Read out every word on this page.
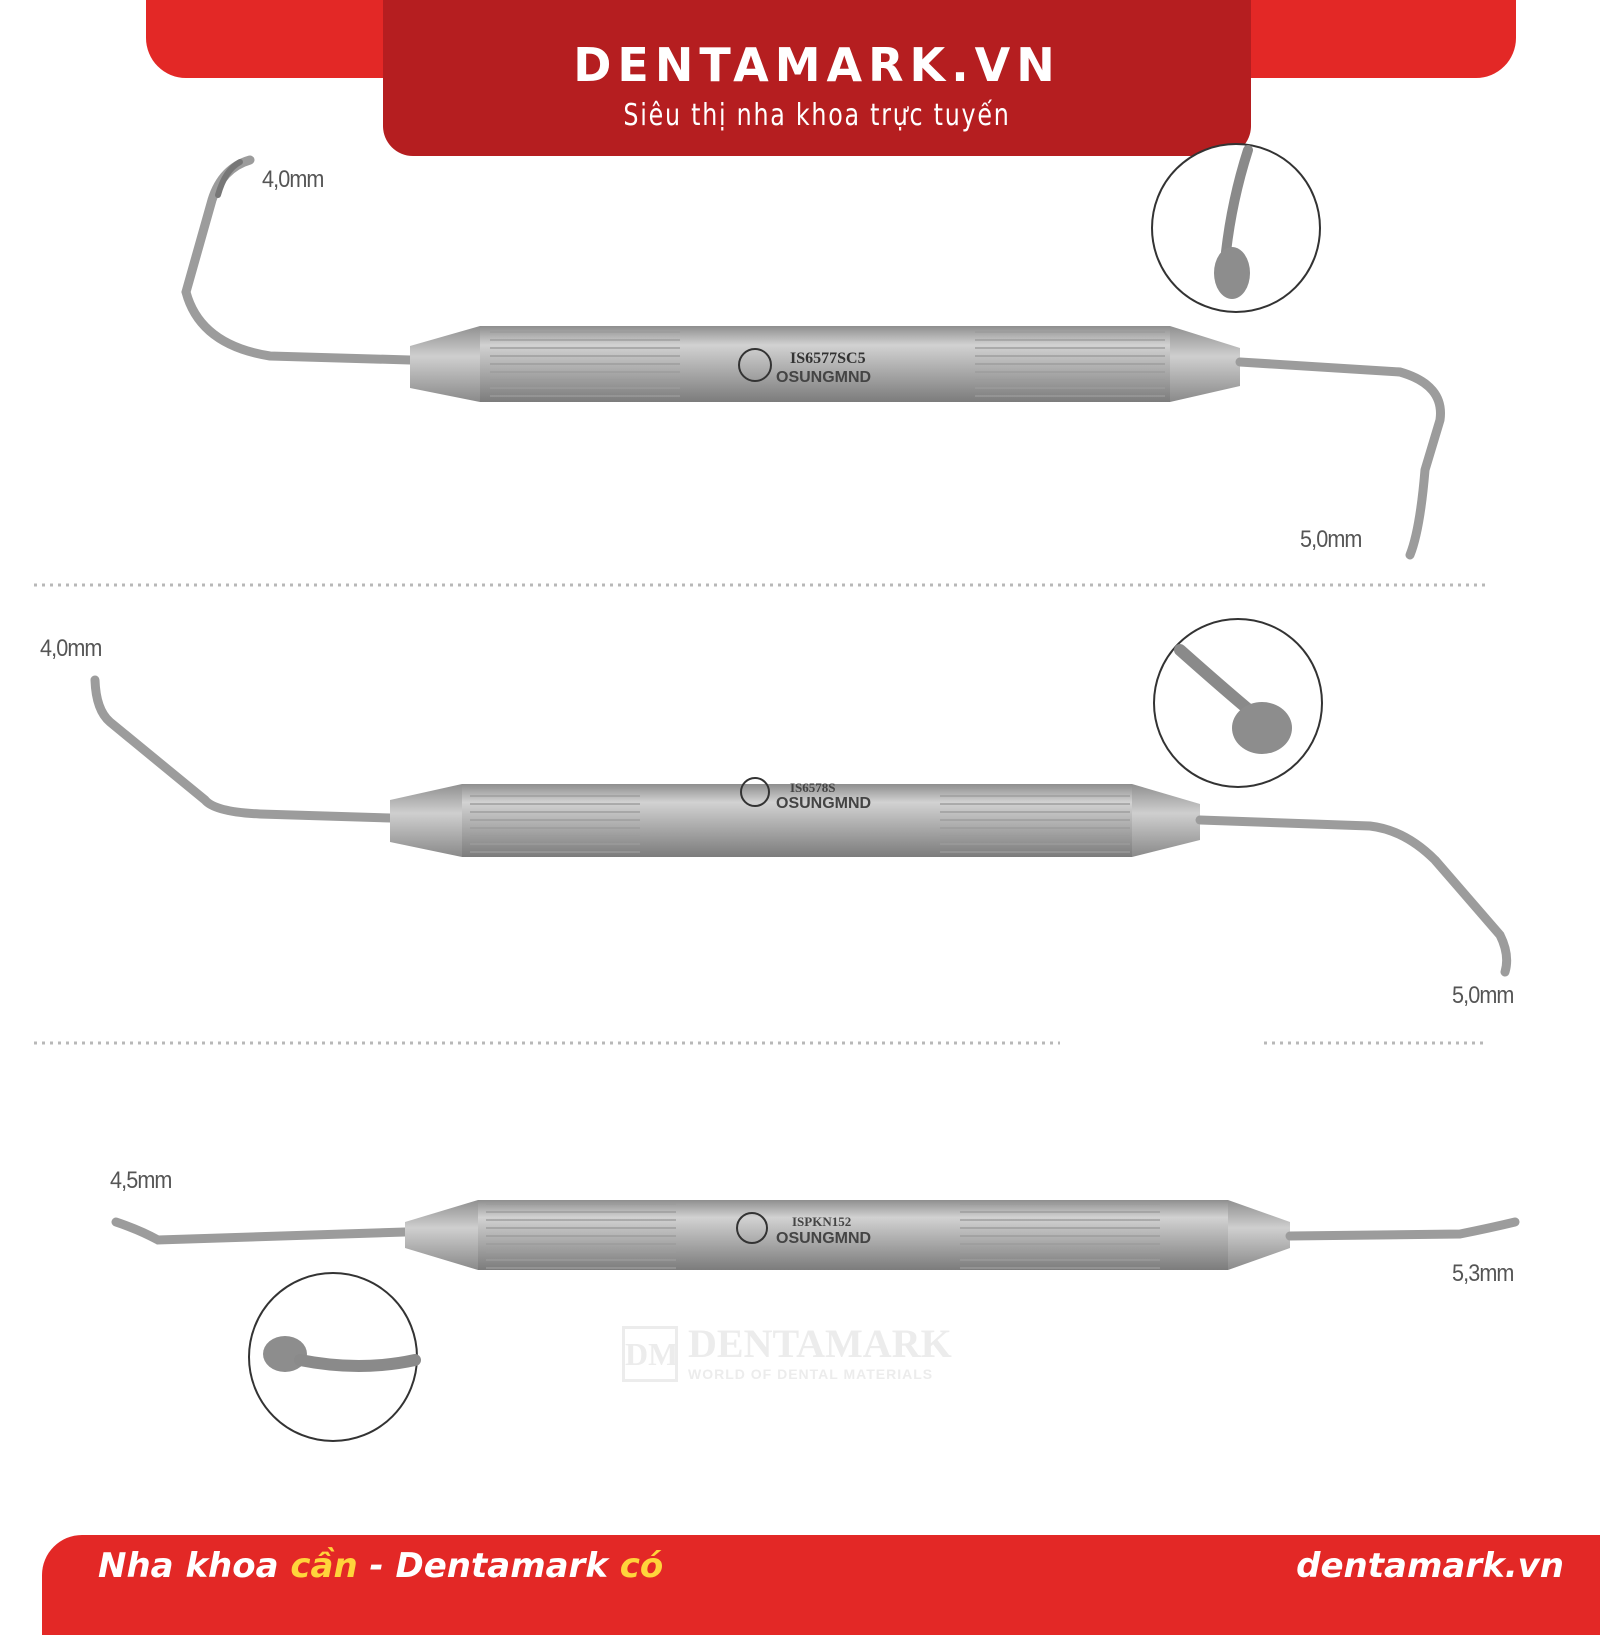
DENTAMARK.VN
Siêu thị nha khoa trực tuyến
IS6577SC5
OSUNGMND
IS6578S
OSUNGMND
ISPKN152
OSUNGMND
4,0mm
5,0mm
4,0mm
5,0mm
4,5mm
5,3mm
DM DENTAMARK
WORLD OF DENTAL MATERIALS
Nha khoa cần - Dentamark có	dentamark.vn
